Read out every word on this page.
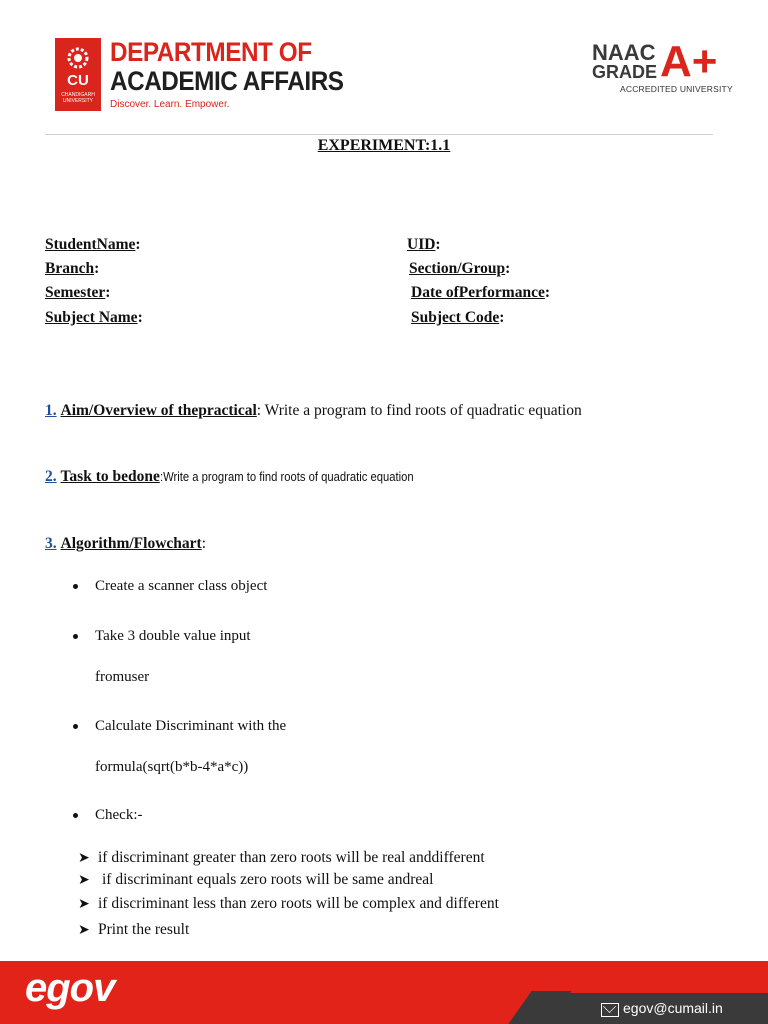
CU
CHANDIGARH UNIVERSITY
DEPARTMENT OF
ACADEMIC AFFAIRS
Discover. Learn. Empower.
NAAC
GRADE A+
ACCREDITED UNIVERSITY
EXPERIMENT:1.1
StudentName:	UID:
Branch:	Section/Group:
Semester:	Date ofPerformance:
Subject Name:	Subject Code:
1. Aim/Overview of thepractical: Write a program to find roots of quadratic equation
2. Task to bedone:Write a program to find roots of quadratic equation
3. Algorithm/Flowchart:
Create a scanner class object
Take 3 double value input
fromuser
Calculate Discriminant with the
formula(sqrt(b*b-4*a*c))
Check:-
➤ if discriminant greater than zero roots will be real anddifferent
➤ if discriminant equals zero roots will be same andreal
➤ if discriminant less than zero roots will be complex and different
➤ Print the result
egov	egov@cumail.in
